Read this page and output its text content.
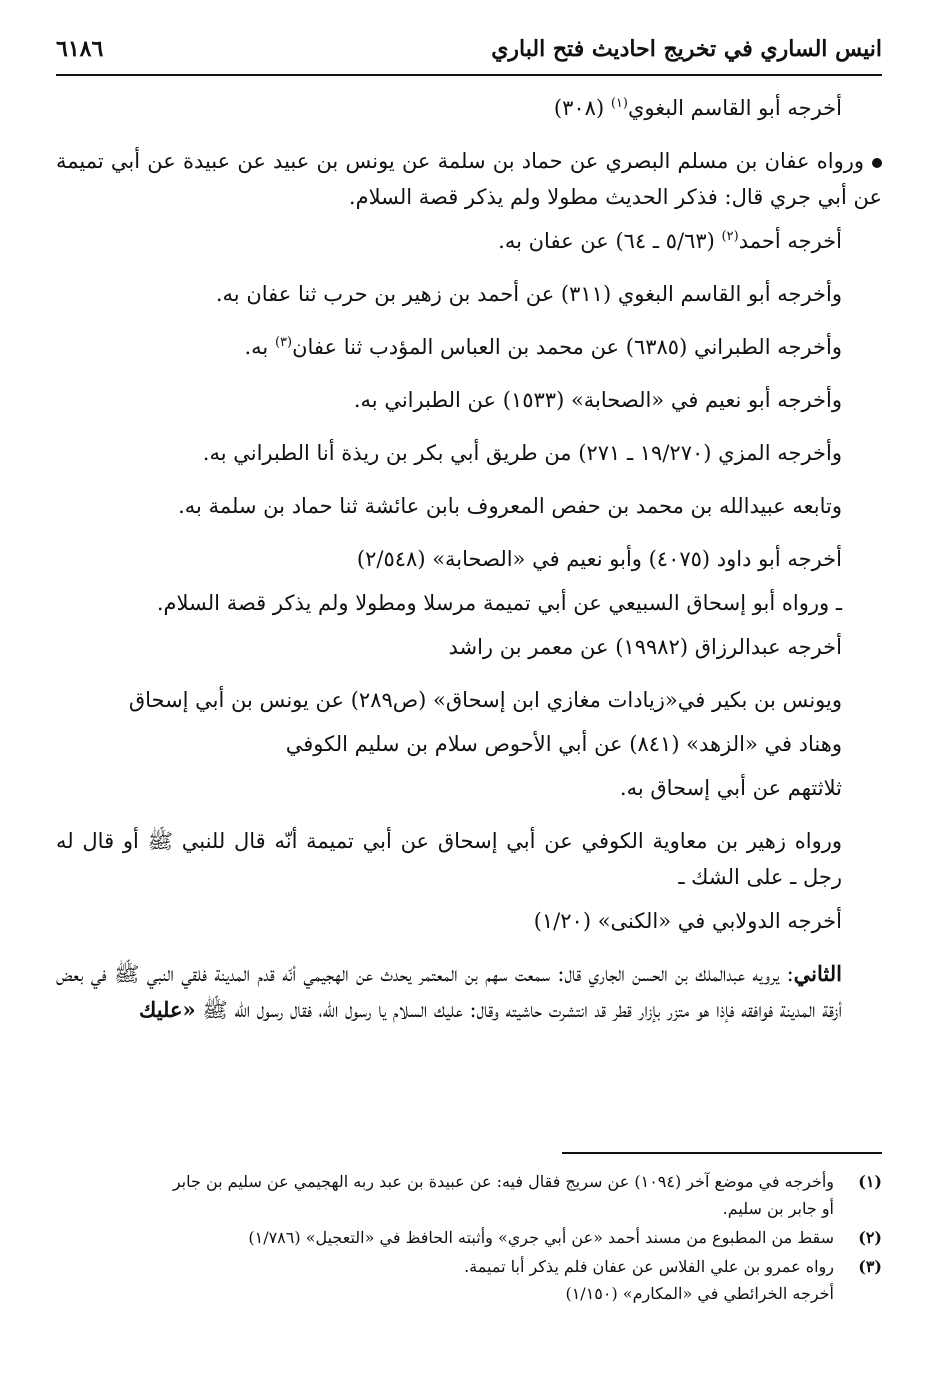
انيس الساري في تخريج احاديث فتح الباري
٦١٨٦

أخرجه أبو القاسم البغوي$^{(١)}$ (٣٠٨)

ورواه عفان بن مسلم البصري عن حماد بن سلمة عن يونس بن عبيد عن عبيدة عن أبي تميمة عن أبي جري قال: فذكر الحديث مطولا ولم يذكر قصة السلام.

أخرجه أحمد$^{(٢)}$ (٥/٦٣ ـ ٦٤) عن عفان به.

وأخرجه أبو القاسم البغوي (٣١١) عن أحمد بن زهير بن حرب ثنا عفان به.

وأخرجه الطبراني (٦٣٨٥) عن محمد بن العباس المؤدب ثنا عفان$^{(٣)}$ به.

وأخرجه أبو نعيم في «الصحابة» (١٥٣٣) عن الطبراني به.

وأخرجه المزي (١٩/٢٧٠ ـ ٢٧١) من طريق أبي بكر بن ريذة أنا الطبراني به.

وتابعه عبيدالله بن محمد بن حفص المعروف بابن عائشة ثنا حماد بن سلمة به.

أخرجه أبو داود (٤٠٧٥) وأبو نعيم في «الصحابة» (٢/٥٤٨)

ـ ورواه أبو إسحاق السبيعي عن أبي تميمة مرسلا ومطولا ولم يذكر قصة السلام.

أخرجه عبدالرزاق (١٩٩٨٢) عن معمر بن راشد

ويونس بن بكير في«زيادات مغازي ابن إسحاق» (ص٢٨٩) عن يونس بن أبي إسحاق

وهناد في «الزهد» (٨٤١) عن أبي الأحوص سلام بن سليم الكوفي

ثلاثتهم عن أبي إسحاق به.

ورواه زهير بن معاوية الكوفي عن أبي إسحاق عن أبي تميمة أنّه قال للنبي ﷺ أو قال له رجل ـ على الشك ـ

أخرجه الدولابي في «الكنى» (١/٢٠)

الثاني: يرويه عبدالملك بن الحسن الجاري قال: سمعت سهم بن المعتمر يحدث عن الهجيمي أنّه قدم المدينة فلقي النبي ﷺ في بعض أزقة المدينة فوافقه فإذا هو متزر بإزار قطر قد انتشرت حاشيته وقال: عليك السلام يا رسول الله، فقال رسول الله ﷺ «عليك

(١)
وأخرجه في موضع آخر (١٠٩٤) عن سريج فقال فيه: عن عبيدة بن عبد ربه الهجيمي عن سليم بن جابر
أو جابر بن سليم.
(٢)
سقط من المطبوع من مسند أحمد «عن أبي جري» وأثبته الحافظ في «التعجيل» (١/٧٨٦)
(٣)
رواه عمرو بن علي الفلاس عن عفان فلم يذكر أبا تميمة.
أخرجه الخرائطي في «المكارم» (١/١٥٠)
